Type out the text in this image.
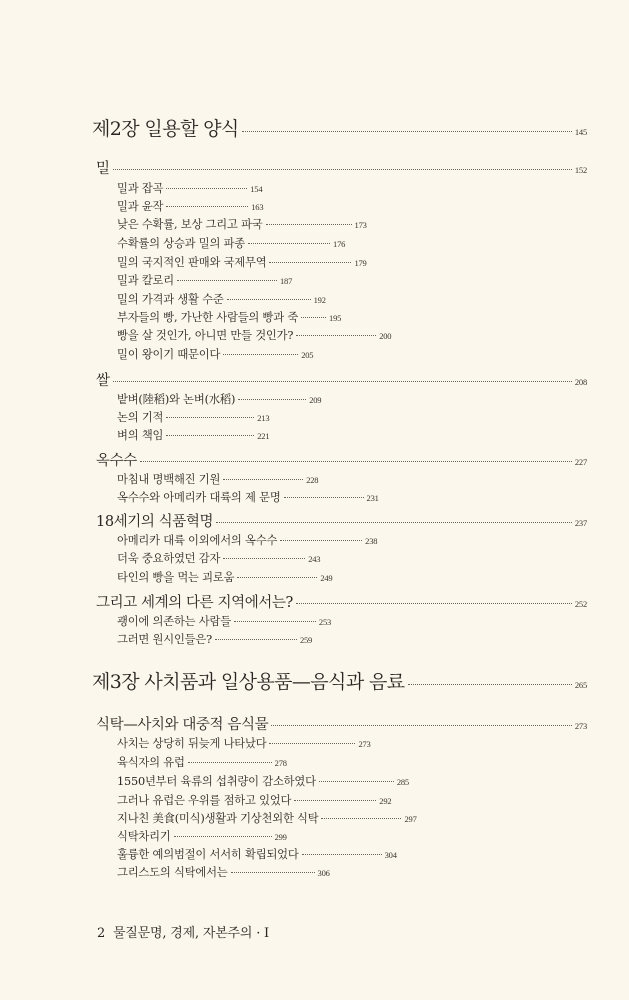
제2장 일용할 양식	145
밀	152
밀과 잡곡	154
밀과 윤작	163
낮은 수확률, 보상 그리고 파국	173
수확률의 상승과 밀의 파종	176
밀의 국지적인 판매와 국제무역	179
밀과 칼로리	187
밀의 가격과 생활 수준	192
부자들의 빵, 가난한 사람들의 빵과 죽	195
빵을 살 것인가, 아니면 만들 것인가?	200
밀이 왕이기 때문이다	205
쌀	208
밭벼(陸稻)와 논벼(水稻)	209
논의 기적	213
벼의 책임	221
옥수수	227
마침내 명백해진 기원	228
옥수수와 아메리카 대륙의 제 문명	231
18세기의 식품혁명	237
아메리카 대륙 이외에서의 옥수수	238
더욱 중요하였던 감자	243
타인의 빵을 먹는 괴로움	249
그리고 세계의 다른 지역에서는?	252
괭이에 의존하는 사람들	253
그러면 원시인들은?	259
제3장 사치품과 일상용품—음식과 음료	265
식탁—사치와 대중적 음식물	273
사치는 상당히 뒤늦게 나타났다	273
육식자의 유럽	278
1550년부터 육류의 섭취량이 감소하였다	285
그러나 유럽은 우위를 점하고 있었다	292
지나친 美食(미식)생활과 기상천외한 식탁	297
식탁차리기	299
훌륭한 예의범절이 서서히 확립되었다	304
그리스도의 식탁에서는	306
2 물질문명, 경제, 자본주의 · I
